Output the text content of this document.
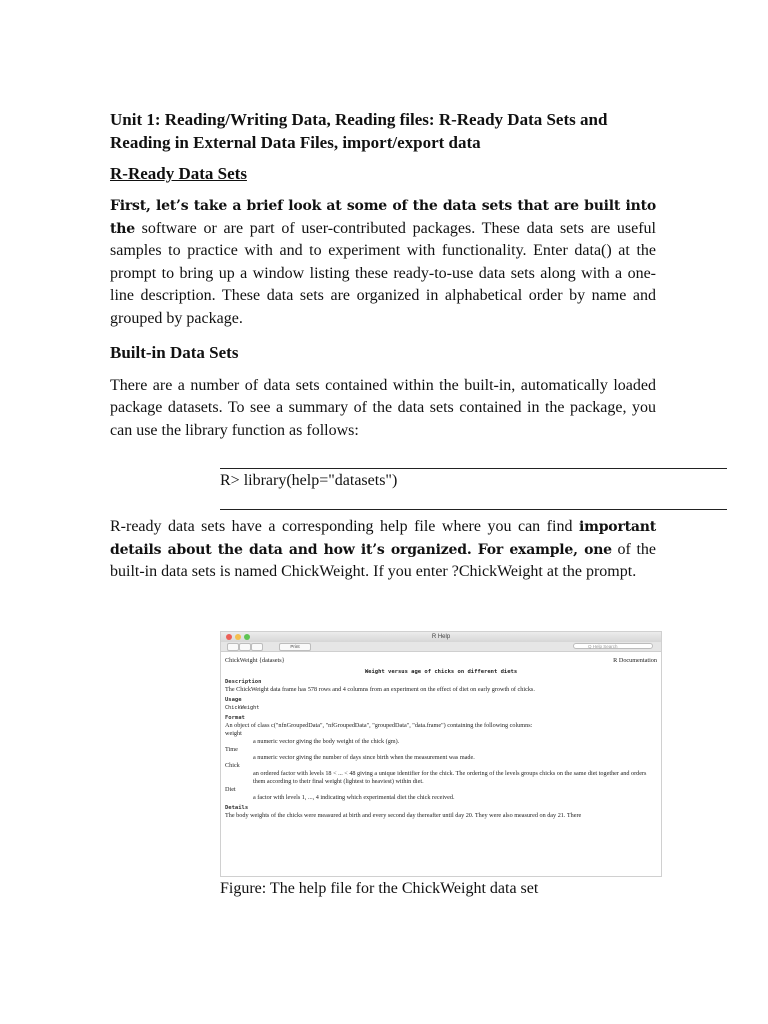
Unit 1: Reading/Writing Data, Reading files: R-Ready Data Sets and Reading in External Data Files, import/export data

R-Ready Data Sets

First, let’s take a brief look at some of the data sets that are built into the software or are part of user-contributed packages. These data sets are useful samples to practice with and to experiment with functionality. Enter data() at the prompt to bring up a window listing these ready-to-use data sets along with a one-line description. These data sets are organized in alphabetical order by name and grouped by package.

Built-in Data Sets

There are a number of data sets contained within the built-in, automatically loaded package datasets. To see a summary of the data sets contained in the package, you can use the library function as follows:

R> library(help="datasets")

R-ready data sets have a corresponding help file where you can find important details about the data and how it’s organized. For example, one of the built-in data sets is named ChickWeight. If you enter ?ChickWeight at the prompt.

R Help
Print	Q Help Search
ChickWeight {datasets}	R Documentation
Weight versus age of chicks on different diets
Description

The ChickWeight data frame has 578 rows and 4 columns from an experiment on the effect of diet on early growth of chicks.

Usage

ChickWeight

Format

An object of class c("nfnGroupedData", "nfGroupedData", "groupedData", "data.frame") containing the following columns:

weight

a numeric vector giving the body weight of the chick (gm).

Time

a numeric vector giving the number of days since birth when the measurement was made.

Chick

an ordered factor with levels 18 < ... < 48 giving a unique identifier for the chick. The ordering of the levels groups chicks on the same diet together and orders them according to their final weight (lightest to heaviest) within diet.

Diet

a factor with levels 1, ..., 4 indicating which experimental diet the chick received.

Details

The body weights of the chicks were measured at birth and every second day thereafter until day 20. They were also measured on day 21. There

Figure: The help file for the ChickWeight data set
